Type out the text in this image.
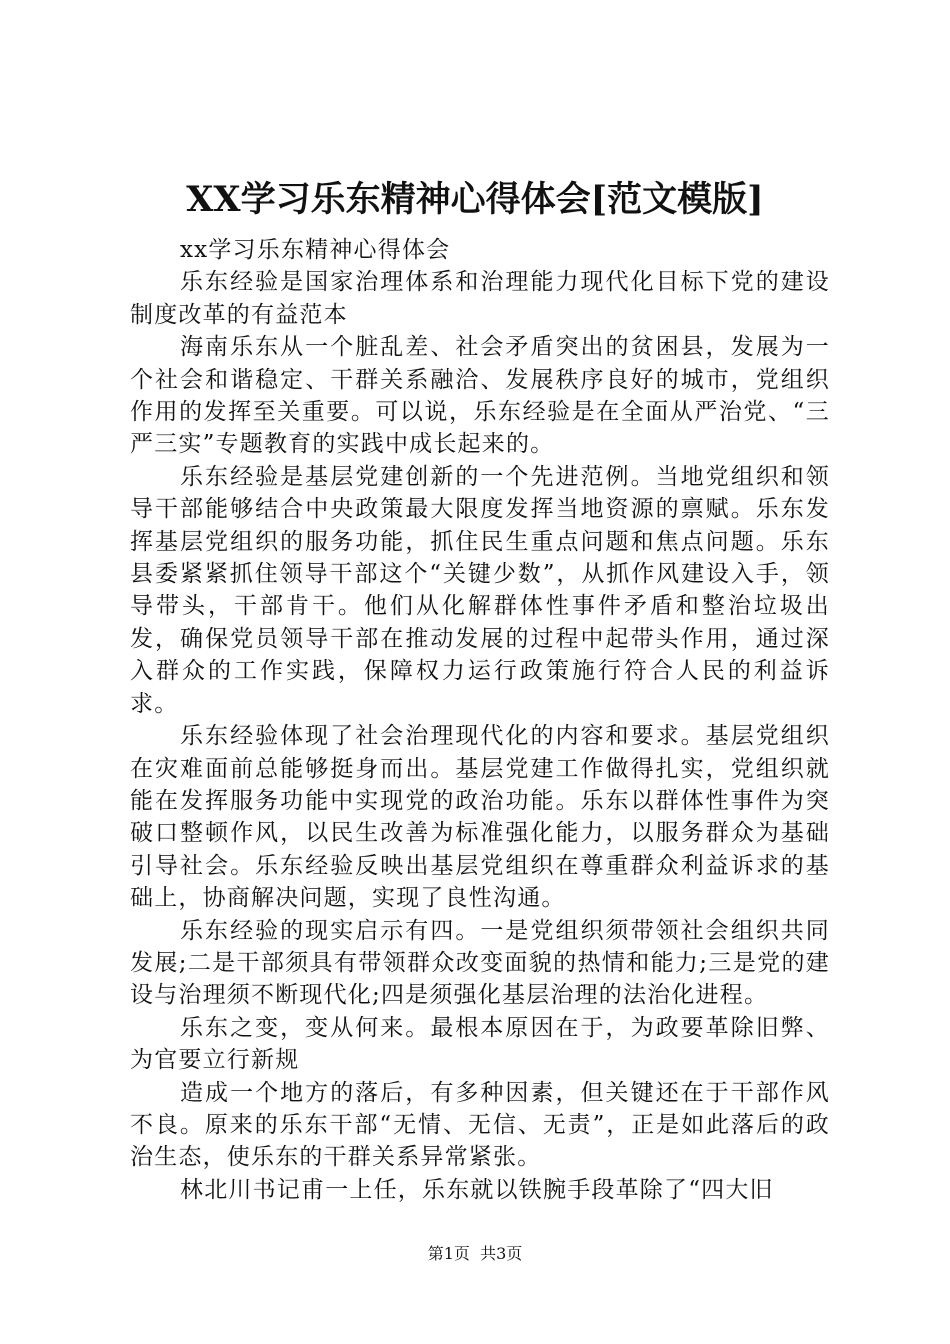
XX学习乐东精神心得体会[范文模版]

xx学习乐东精神心得体会

乐东经验是国家治理体系和治理能力现代化目标下党的建设制度改革的有益范本

海南乐东从一个脏乱差、社会矛盾突出的贫困县，发展为一个社会和谐稳定、干群关系融洽、发展秩序良好的城市，党组织作用的发挥至关重要。可以说，乐东经验是在全面从严治党、“三严三实”专题教育的实践中成长起来的。

乐东经验是基层党建创新的一个先进范例。当地党组织和领导干部能够结合中央政策最大限度发挥当地资源的禀赋。乐东发挥基层党组织的服务功能，抓住民生重点问题和焦点问题。乐东县委紧紧抓住领导干部这个“关键少数”，从抓作风建设入手，领导带头，干部肯干。他们从化解群体性事件矛盾和整治垃圾出发，确保党员领导干部在推动发展的过程中起带头作用，通过深入群众的工作实践，保障权力运行政策施行符合人民的利益诉求。

乐东经验体现了社会治理现代化的内容和要求。基层党组织在灾难面前总能够挺身而出。基层党建工作做得扎实，党组织就能在发挥服务功能中实现党的政治功能。乐东以群体性事件为突破口整顿作风，以民生改善为标准强化能力，以服务群众为基础引导社会。乐东经验反映出基层党组织在尊重群众利益诉求的基础上，协商解决问题，实现了良性沟通。

乐东经验的现实启示有四。一是党组织须带领社会组织共同发展;二是干部须具有带领群众改变面貌的热情和能力;三是党的建设与治理须不断现代化;四是须强化基层治理的法治化进程。

乐东之变，变从何来。最根本原因在于，为政要革除旧弊、为官要立行新规

造成一个地方的落后，有多种因素，但关键还在于干部作风不良。原来的乐东干部“无情、无信、无责”，正是如此落后的政治生态，使乐东的干群关系异常紧张。

林北川书记甫一上任，乐东就以铁腕手段革除了“四大旧

第1页 共3页
